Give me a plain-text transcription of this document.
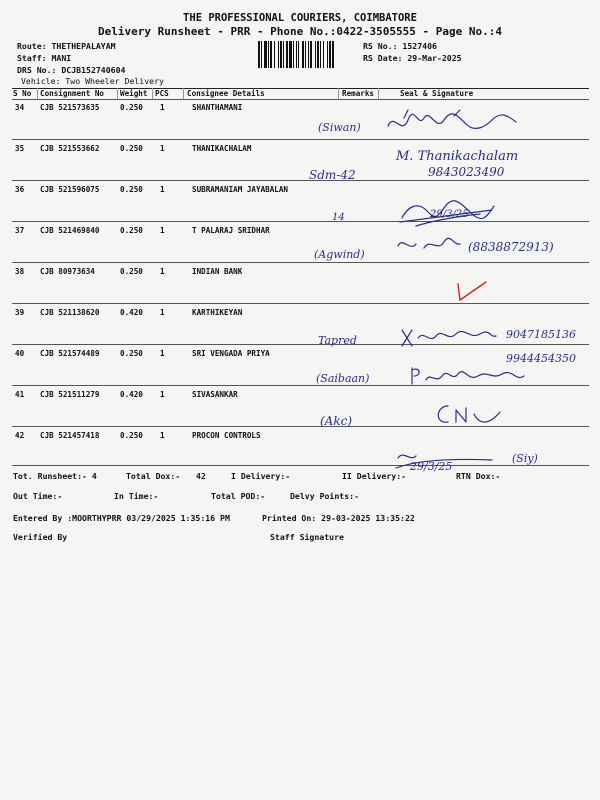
THE PROFESSIONAL COURIERS, COIMBATORE
Delivery Runsheet - PRR - Phone No.:0422-3505555 - Page No.:4
Route: THETHEPALAYAM
Staff: MANI
DRS No.: DCJB152740604
Vehicle: Two Wheeler Delivery
RS No.: 1527406
RS Date: 29-Mar-2025
S No Consignment No Weight PCS Consignee Details	Remarks	Seal & Signature
34 CJB 521573635	0.250 1	SHANTHAMANI
35 CJB 521553662	0.250 1	THANIKACHALAM
36 CJB 521596075	0.250 1	SUBRAMANIAM JAYABALAN
37 CJB 521469840	0.250 1	T PALARAJ SRIDHAR
38 CJB 80973634	0.250 1	INDIAN BANK
39 CJB 521138620	0.420 1	KARTHIKEYAN
40 CJB 521574489	0.250 1	SRI VENGADA PRIYA
41 CJB 521511279	0.420 1	SIVASANKAR
42 CJB 521457418	0.250 1	PROCON CONTROLS
Tot. Runsheet:- 4	Total Dox:- 42	I Delivery:-	II Delivery:-	RTN Dox:-
Out Time:-	In Time:-	Total POD:-	Delvy Points:-
Entered By :MOORTHYPRR 03/29/2025 1:35:16 PM	Printed On: 29-03-2025 13:35:22
Verified By	Staff Signature
(Siwan)
M. Thanikachalam
9843023490
Sdm-42
14	29/3/25
(Agwind)
(8838872913)
Tapred	9047185136
9944454350
(Saibaan)
(Akc)
29/3/25
(Siy)
